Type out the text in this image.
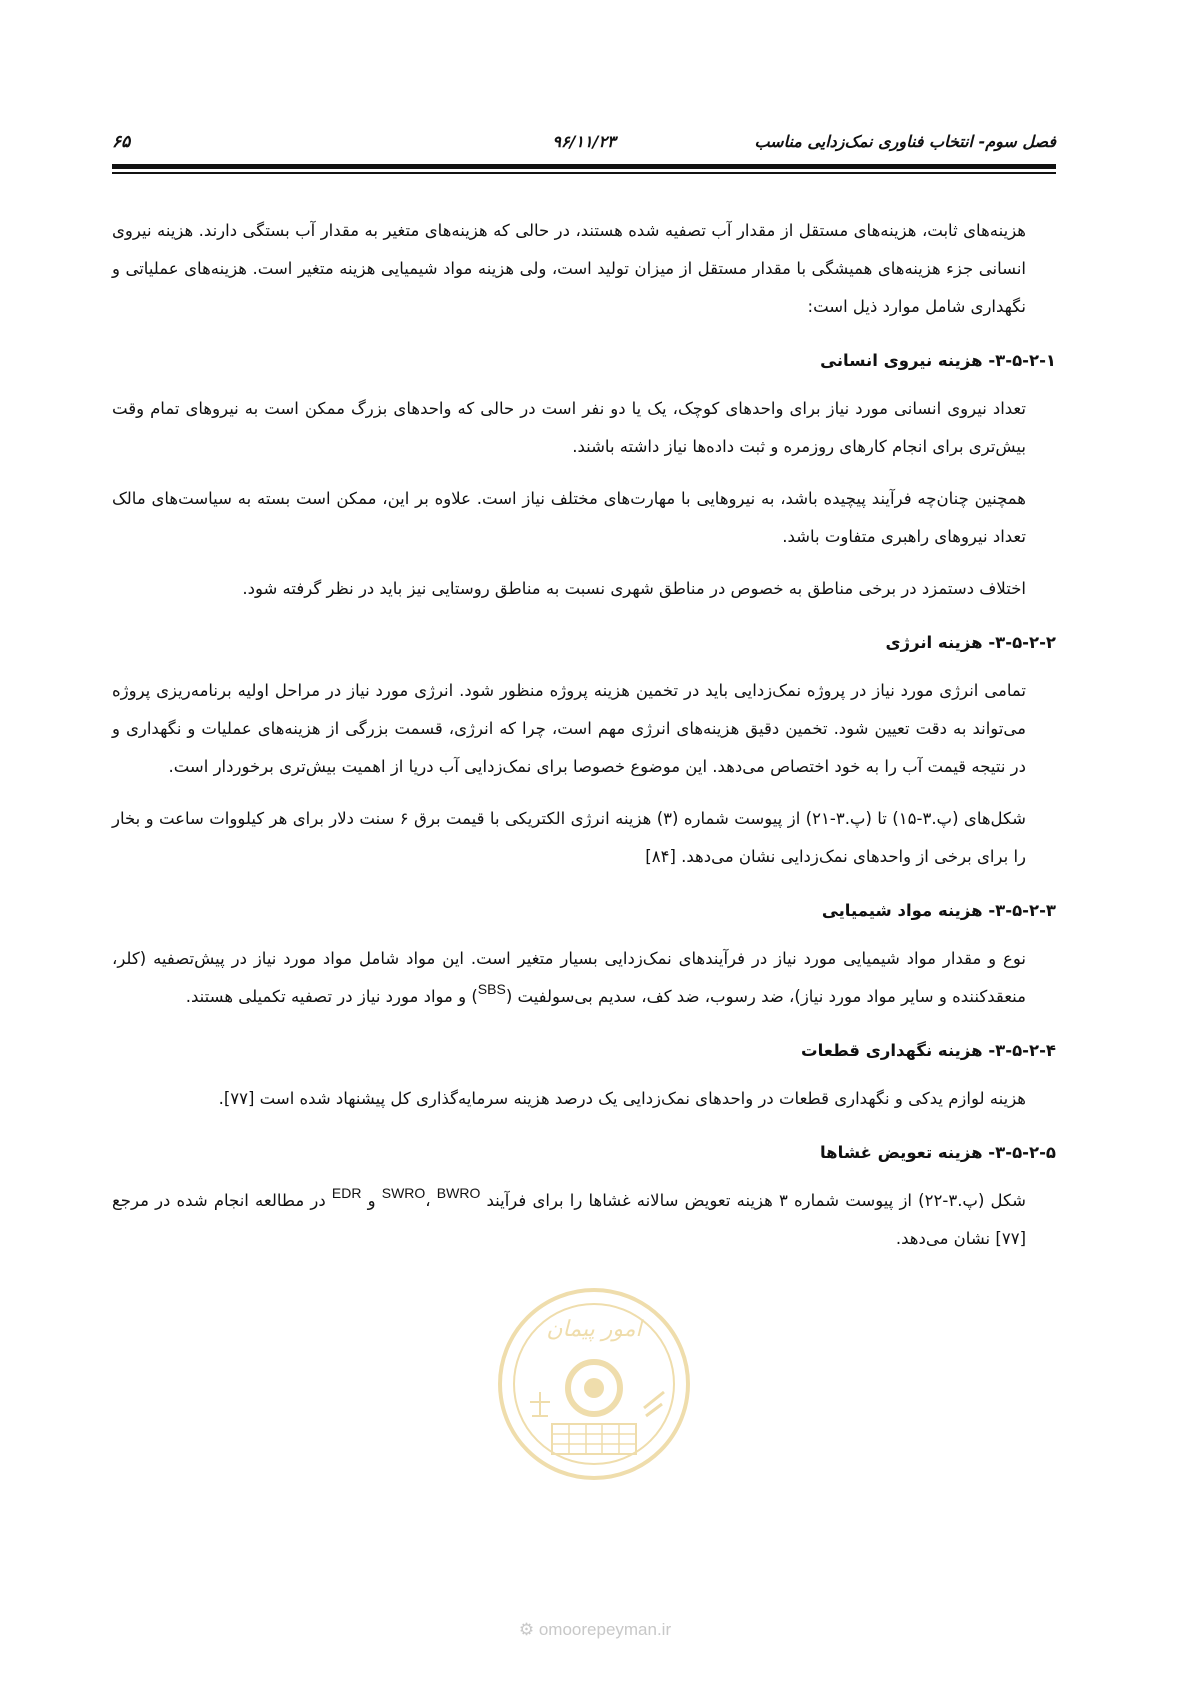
فصل سوم- انتخاب فناوری نمک‌زدایی مناسب
۹۶/۱۱/۲۳
۶۵

هزینه‌های ثابت، هزینه‌های مستقل از مقدار آب تصفیه شده هستند، در حالی که هزینه‌های متغیر به مقدار آب بستگی دارند. هزینه نیروی انسانی جزء هزینه‌های همیشگی با مقدار مستقل از میزان تولید است، ولی هزینه مواد شیمیایی هزینه متغیر است. هزینه‌های عملیاتی و نگهداری شامل موارد ذیل است:

۳-۵-۲-۱- هزینه نیروی انسانی

تعداد نیروی انسانی مورد نیاز برای واحدهای کوچک، یک یا دو نفر است در حالی که واحدهای بزرگ ممکن است به نیروهای تمام وقت بیش‌تری برای انجام کارهای روزمره و ثبت داده‌ها نیاز داشته باشند.

همچنین چنان‌چه فرآیند پیچیده باشد، به نیروهایی با مهارت‌های مختلف نیاز است. علاوه بر این، ممکن است بسته به سیاست‌های مالک تعداد نیروهای راهبری متفاوت باشد.

اختلاف دستمزد در برخی مناطق به خصوص در مناطق شهری نسبت به مناطق روستایی نیز باید در نظر گرفته شود.

۳-۵-۲-۲- هزینه انرژی

تمامی انرژی مورد نیاز در پروژه نمک‌زدایی باید در تخمین هزینه پروژه منظور شود. انرژی مورد نیاز در مراحل اولیه برنامه‌ریزی پروژه می‌تواند به دقت تعیین شود. تخمین دقیق هزینه‌های انرژی مهم است، چرا که انرژی، قسمت بزرگی از هزینه‌های عملیات و نگهداری و در نتیجه قیمت آب را به خود اختصاص می‌دهد. این موضوع خصوصا برای نمک‌زدایی آب دریا از اهمیت بیش‌تری برخوردار است.

شکل‌های (پ.۳-۱۵) تا (پ.۳-۲۱) از پیوست شماره (۳) هزینه انرژی الکتریکی با قیمت برق ۶ سنت دلار برای هر کیلووات ساعت و بخار را برای برخی از واحدهای نمک‌زدایی نشان می‌دهد. [۸۴]

۳-۵-۲-۳- هزینه مواد شیمیایی

نوع و مقدار مواد شیمیایی مورد نیاز در فرآیندهای نمک‌زدایی بسیار متغیر است. این مواد شامل مواد مورد نیاز در پیش‌تصفیه (کلر، منعقدکننده و سایر مواد مورد نیاز)، ضد رسوب، ضد کف، سدیم بی‌سولفیت ($^{SBS}$) و مواد مورد نیاز در تصفیه تکمیلی هستند.

۳-۵-۲-۴- هزینه نگهداری قطعات

هزینه لوازم یدکی و نگهداری قطعات در واحدهای نمک‌زدایی یک درصد هزینه سرمایه‌گذاری کل پیشنهاد شده است [۷۷].

۳-۵-۲-۵- هزینه تعویض غشاها

شکل (پ.۳-۲۲) از پیوست شماره ۳ هزینه تعویض سالانه غشاها را برای فرآیند $^{SWRO}$، $^{BWRO}$ و $^{EDR}$ در مطالعه انجام شده در مرجع [۷۷] نشان می‌دهد.

امور پیمان
⚙ omoorepeyman.ir
